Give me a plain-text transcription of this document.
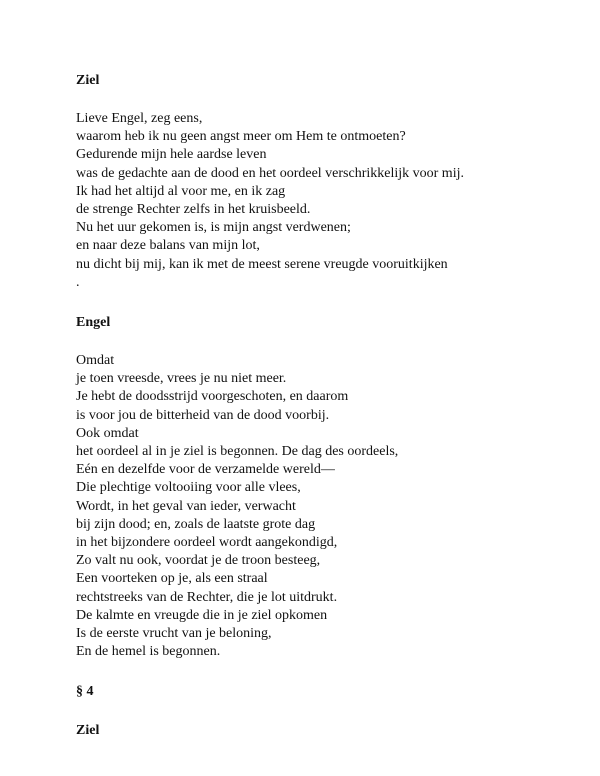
Ziel

Lieve Engel, zeg eens,
waarom heb ik nu geen angst meer om Hem te ontmoeten?
Gedurende mijn hele aardse leven
was de gedachte aan de dood en het oordeel verschrikkelijk voor mij.
Ik had het altijd al voor me, en ik zag
de strenge Rechter zelfs in het kruisbeeld.
Nu het uur gekomen is, is mijn angst verdwenen;
en naar deze balans van mijn lot,
nu dicht bij mij, kan ik met de meest serene vreugde vooruitkijken
.

Engel

Omdat
je toen vreesde, vrees je nu niet meer.
Je hebt de doodsstrijd voorgeschoten, en daarom
is voor jou de bitterheid van de dood voorbij.
Ook omdat
het oordeel al in je ziel is begonnen. De dag des oordeels,
Eén en dezelfde voor de verzamelde wereld—
Die plechtige voltooiing voor alle vlees,
Wordt, in het geval van ieder, verwacht
bij zijn dood; en, zoals de laatste grote dag
in het bijzondere oordeel wordt aangekondigd,
Zo valt nu ook, voordat je de troon besteeg,
Een voorteken op je, als een straal
rechtstreeks van de Rechter, die je lot uitdrukt.
De kalmte en vreugde die in je ziel opkomen
Is de eerste vrucht van je beloning,
En de hemel is begonnen.

§ 4

Ziel
